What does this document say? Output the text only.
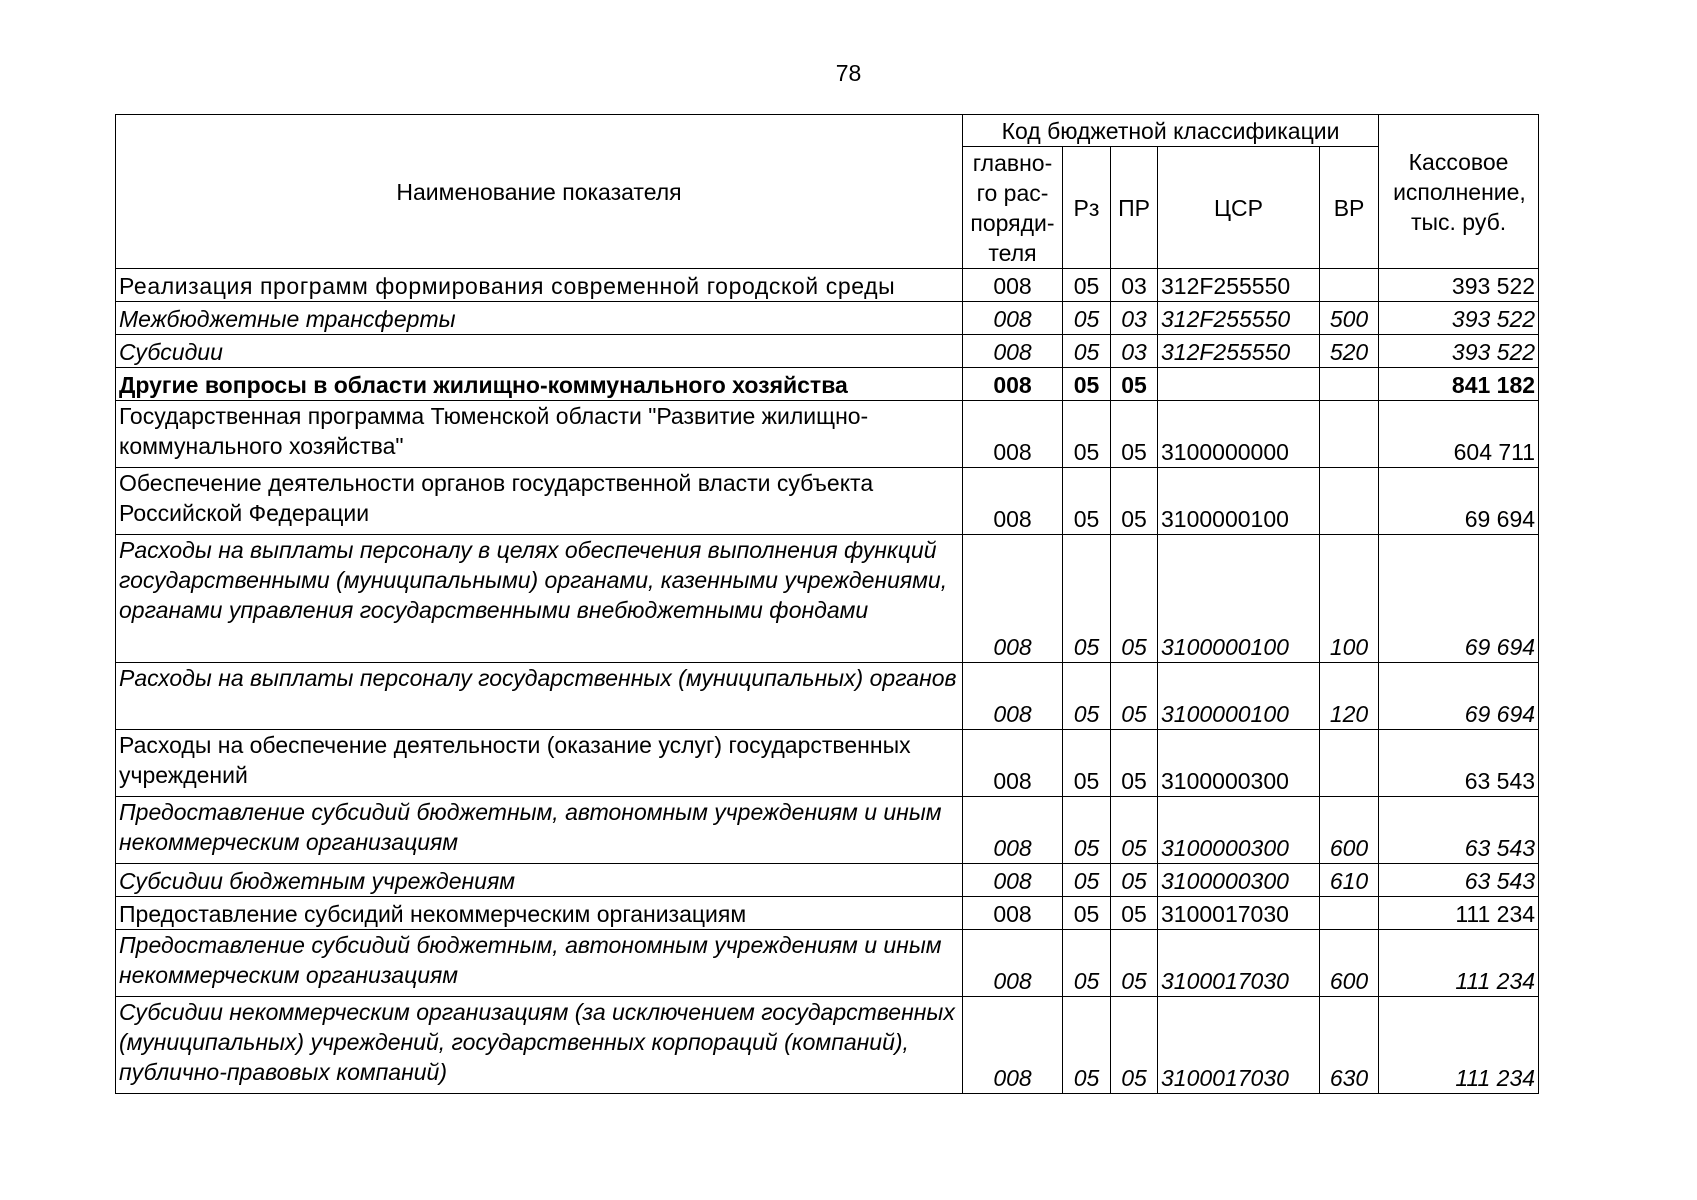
78
Наименование показателя	Код бюджетной классификации					Кассовое исполнение, тыс. руб.
	главно-
го рас-
поряди-
теля	Рз	ПР	ЦСР	ВР	

Реализация программ формирования современной городской среды	008	05	03	312F255550		393 522

Межбюджетные трансферты	008	05	03	312F255550	500	393 522

Субсидии	008	05	03	312F255550	520	393 522

Другие вопросы в области жилищно-коммунального хозяйства	008	05	05			841 182

Государственная программа Тюменской области "Развитие жилищно-коммунального хозяйства"	008	05	05	3100000000		604 711

Обеспечение деятельности органов государственной власти субъекта Российской Федерации	008	05	05	3100000100		69 694

Расходы на выплаты персоналу в целях обеспечения выполнения функций государственными (муниципальными) органами, казенными учреждениями, органами управления государственными внебюджетными фондами	008	05	05	3100000100	100	69 694

Расходы на выплаты персоналу государственных (муниципальных) органов	008	05	05	3100000100	120	69 694

Расходы на обеспечение деятельности (оказание услуг) государственных учреждений	008	05	05	3100000300		63 543

Предоставление субсидий бюджетным, автономным учреждениям и иным некоммерческим организациям	008	05	05	3100000300	600	63 543

Субсидии бюджетным учреждениям	008	05	05	3100000300	610	63 543

Предоставление субсидий некоммерческим организациям	008	05	05	3100017030		111 234

Предоставление субсидий бюджетным, автономным учреждениям и иным некоммерческим организациям	008	05	05	3100017030	600	111 234

Субсидии некоммерческим организациям (за исключением государственных (муниципальных) учреждений, государственных корпораций (компаний), публично-правовых компаний)	008	05	05	3100017030	630	111 234
